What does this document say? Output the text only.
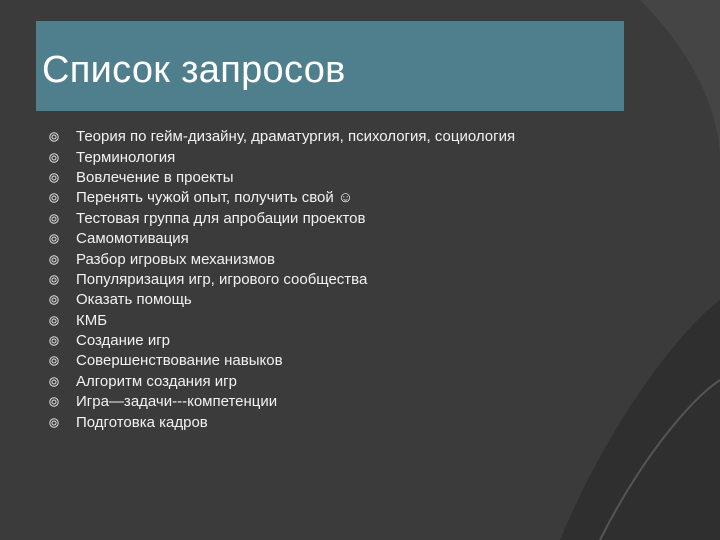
Список запросов
Теория по гейм-дизайну, драматургия, психология, социология
Терминология
Вовлечение в проекты
Перенять чужой опыт, получить свой ☺
Тестовая группа для апробации проектов
Самомотивация
Разбор игровых механизмов
Популяризация игр, игрового сообщества
Оказать помощь
КМБ
Создание игр
Совершенствование навыков
Алгоритм создания игр
Игра—задачи---компетенции
Подготовка кадров
